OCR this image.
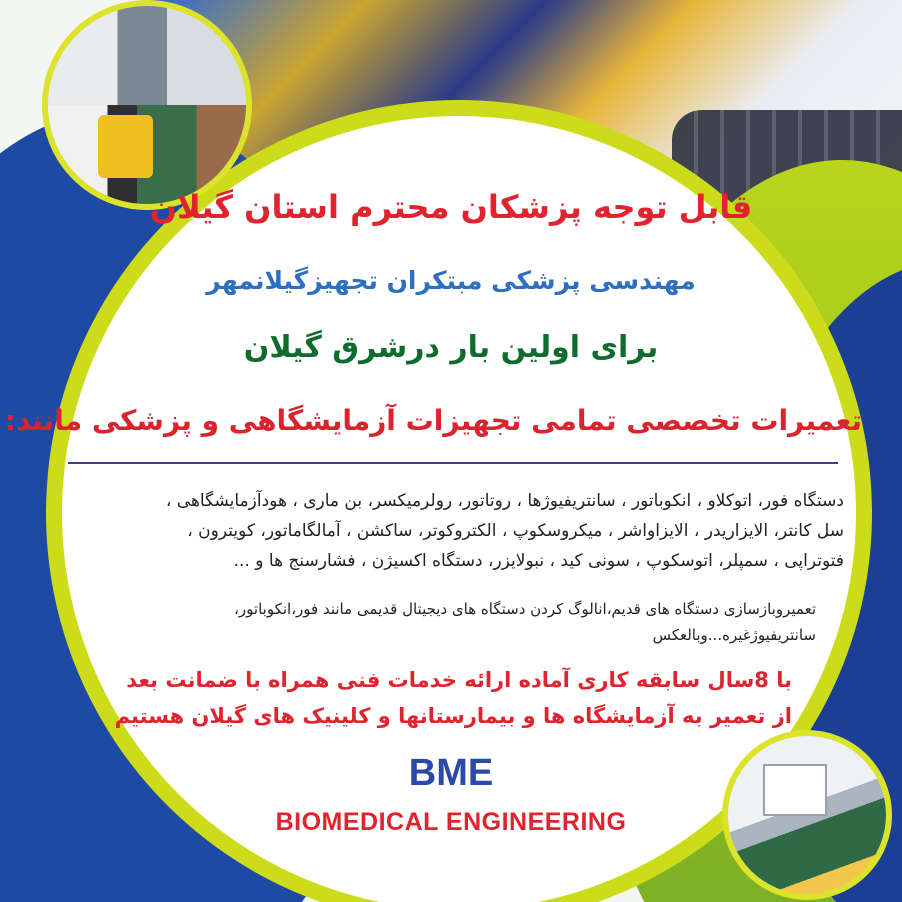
قابل توجه پزشکان محترم استان گیلان
مهندسی پزشکی مبتکران تجهیزگیلانمهر
برای اولین بار درشرق گیلان
تعمیرات تخصصی تمامی تجهیزات آزمایشگاهی و پزشکی مانند:
دستگاه فور، اتوکلاو ، انکوباتور ، سانتریفیوژها ، روتاتور، رولرمیکسر، بن ماری ، هودآزمایشگاهی ،
سل کانتر، الایزاریدر ، الایزاواشر ، میکروسکوپ ، الکتروکوتر، ساکشن ، آمالگاماتور، کویترون ،
فتوتراپی ، سمپلر، اتوسکوپ ، سونی کید ، نبولایزر، دستگاه اکسیژن ، فشارسنج ها و ...
تعمیروبازسازی دستگاه های قدیم،انالوگ کردن دستگاه های دیجیتال قدیمی مانند فور،انکوباتور،
سانتریفیوژغیره...وبالعکس
با 8سال سابقه کاری آماده ارائه خدمات فنی همراه با ضمانت بعد
از تعمیر به آزمایشگاه ها و بیمارستانها و کلینیک های گیلان هستیم
BME
BIOMEDICAL ENGINEERING
